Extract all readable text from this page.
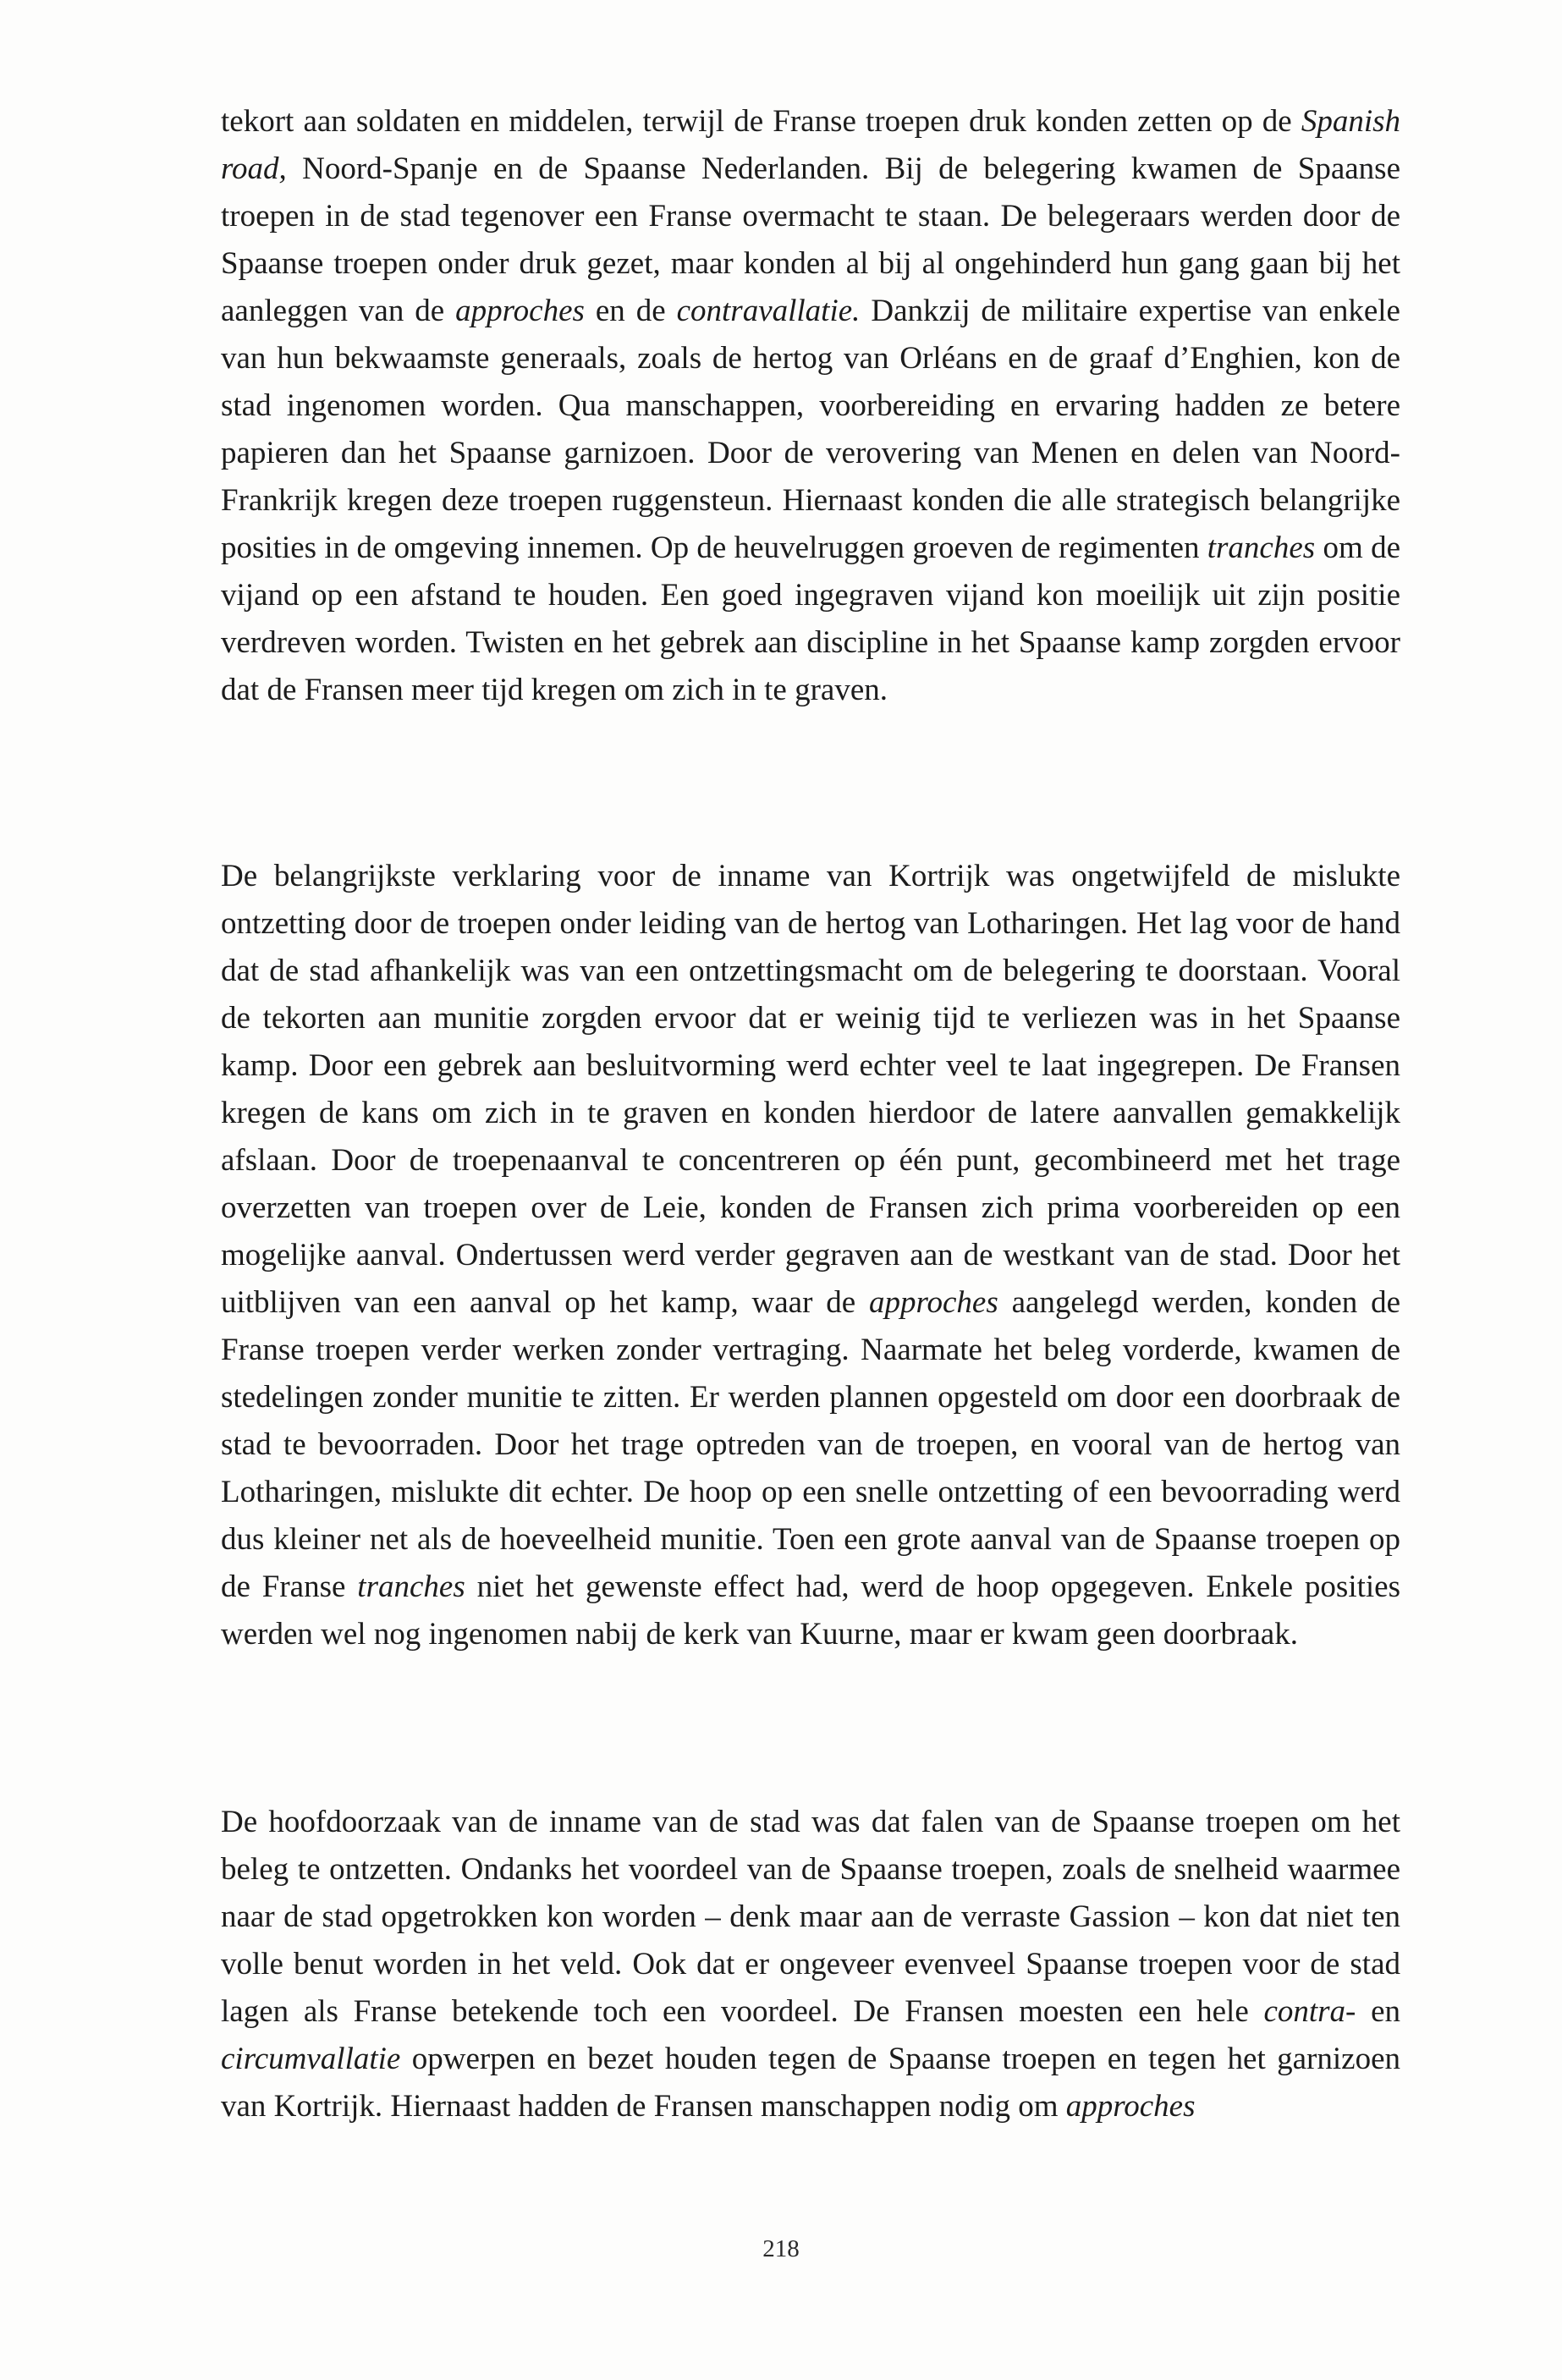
tekort aan soldaten en middelen, terwijl de Franse troepen druk konden zetten op de Spanish road, Noord-Spanje en de Spaanse Nederlanden. Bij de belegering kwamen de Spaanse troepen in de stad tegenover een Franse overmacht te staan. De belegeraars werden door de Spaanse troepen onder druk gezet, maar konden al bij al ongehinderd hun gang gaan bij het aanleggen van de approches en de contravallatie. Dankzij de militaire expertise van enkele van hun bekwaamste generaals, zoals de hertog van Orléans en de graaf d’Enghien, kon de stad ingenomen worden. Qua manschappen, voorbereiding en ervaring hadden ze betere papieren dan het Spaanse garnizoen. Door de verovering van Menen en delen van Noord-Frankrijk kregen deze troepen ruggensteun. Hiernaast konden die alle strategisch belangrijke posities in de omgeving innemen. Op de heuvelruggen groeven de regimenten tranches om de vijand op een afstand te houden. Een goed ingegraven vijand kon moeilijk uit zijn positie verdreven worden. Twisten en het gebrek aan discipline in het Spaanse kamp zorgden ervoor dat de Fransen meer tijd kregen om zich in te graven.

De belangrijkste verklaring voor de inname van Kortrijk was ongetwijfeld de mislukte ontzetting door de troepen onder leiding van de hertog van Lotharingen. Het lag voor de hand dat de stad afhankelijk was van een ontzettingsmacht om de belegering te doorstaan. Vooral de tekorten aan munitie zorgden ervoor dat er weinig tijd te verliezen was in het Spaanse kamp. Door een gebrek aan besluitvorming werd echter veel te laat ingegrepen. De Fransen kregen de kans om zich in te graven en konden hierdoor de latere aanvallen gemakkelijk afslaan. Door de troepenaanval te concentreren op één punt, gecombineerd met het trage overzetten van troepen over de Leie, konden de Fransen zich prima voorbereiden op een mogelijke aanval. Ondertussen werd verder gegraven aan de westkant van de stad. Door het uitblijven van een aanval op het kamp, waar de approches aangelegd werden, konden de Franse troepen verder werken zonder vertraging. Naarmate het beleg vorderde, kwamen de stedelingen zonder munitie te zitten. Er werden plannen opgesteld om door een doorbraak de stad te bevoorraden. Door het trage optreden van de troepen, en vooral van de hertog van Lotharingen, mislukte dit echter. De hoop op een snelle ontzetting of een bevoorrading werd dus kleiner net als de hoeveelheid munitie. Toen een grote aanval van de Spaanse troepen op de Franse tranches niet het gewenste effect had, werd de hoop opgegeven. Enkele posities werden wel nog ingenomen nabij de kerk van Kuurne, maar er kwam geen doorbraak.

De hoofdoorzaak van de inname van de stad was dat falen van de Spaanse troepen om het beleg te ontzetten. Ondanks het voordeel van de Spaanse troepen, zoals de snelheid waarmee naar de stad opgetrokken kon worden – denk maar aan de verraste Gassion – kon dat niet ten volle benut worden in het veld. Ook dat er ongeveer evenveel Spaanse troepen voor de stad lagen als Franse betekende toch een voordeel. De Fransen moesten een hele contra- en circumvallatie opwerpen en bezet houden tegen de Spaanse troepen en tegen het garnizoen van Kortrijk. Hiernaast hadden de Fransen manschappen nodig om approches

218
